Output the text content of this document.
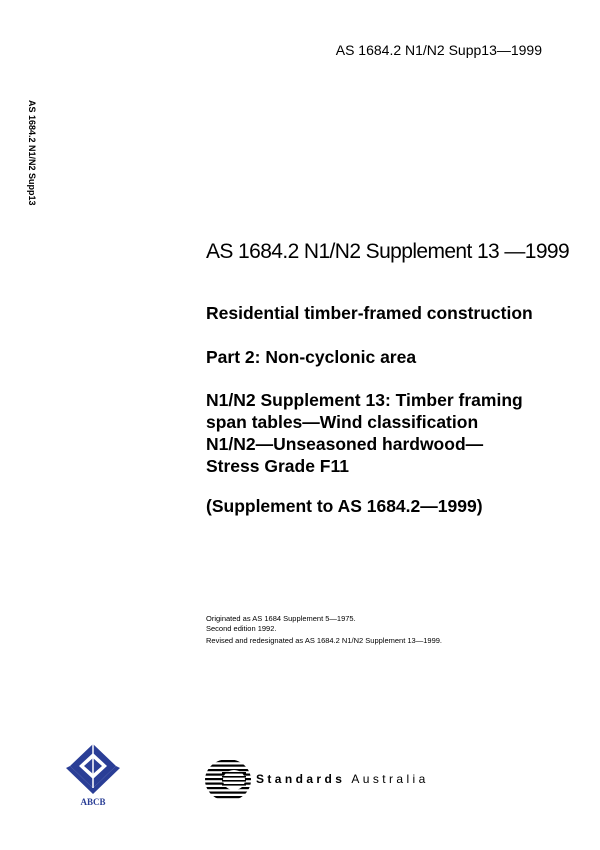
AS 1684.2 N1/N2 Supp13—1999
AS 1684.2 N1/N2 Supp13
AS 1684.2 N1/N2 Supplement 13 —1999
Residential timber-framed construction
Part 2: Non-cyclonic area
N1/N2 Supplement 13: Timber framing
span tables—Wind classification
N1/N2—Unseasoned hardwood—
Stress Grade F11
(Supplement to AS 1684.2—1999)
Originated as AS 1684 Supplement 5—1975.
Second edition 1992.
Revised and redesignated as AS 1684.2 N1/N2 Supplement 13—1999.
ABCB
Standards Australia
